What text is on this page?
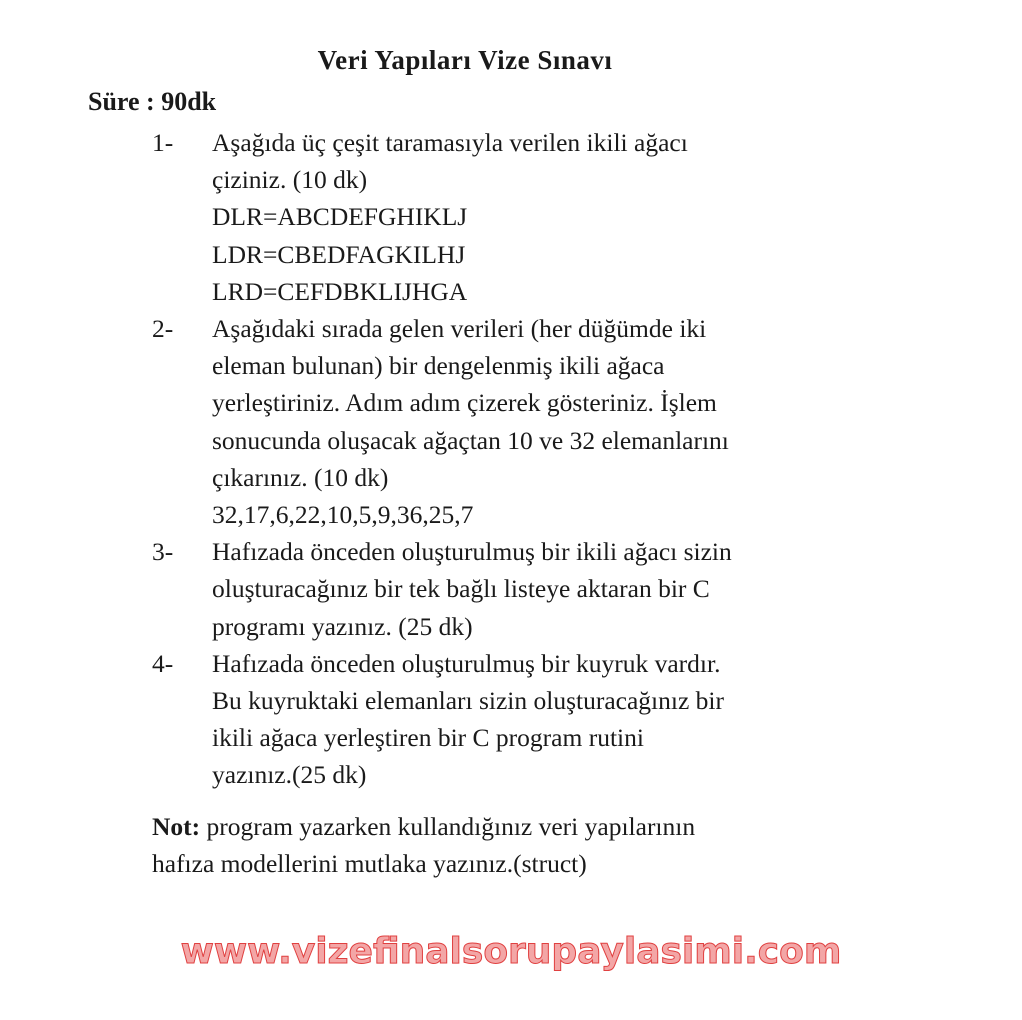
Veri Yapıları Vize Sınavı
Süre : 90dk
1- Aşağıda üç çeşit taramasıyla verilen ikili ağacı
çiziniz. (10 dk)
DLR=ABCDEFGHIKLJ
LDR=CBEDFAGKILHJ
LRD=CEFDBKLIJHGA
2- Aşağıdaki sırada gelen verileri (her düğümde iki
eleman bulunan) bir dengelenmiş ikili ağaca
yerleştiriniz. Adım adım çizerek gösteriniz. İşlem
sonucunda oluşacak ağaçtan 10 ve 32 elemanlarını
çıkarınız. (10 dk)
32,17,6,22,10,5,9,36,25,7
3- Hafızada önceden oluşturulmuş bir ikili ağacı sizin
oluşturacağınız bir tek bağlı listeye aktaran bir C
programı yazınız. (25 dk)
4- Hafızada önceden oluşturulmuş bir kuyruk vardır.
Bu kuyruktaki elemanları sizin oluşturacağınız bir
ikili ağaca yerleştiren bir C program rutini
yazınız.(25 dk)
Not: program yazarken kullandığınız veri yapılarının
hafıza modellerini mutlaka yazınız.(struct)
www.vizefinalsorupaylasimi.com
